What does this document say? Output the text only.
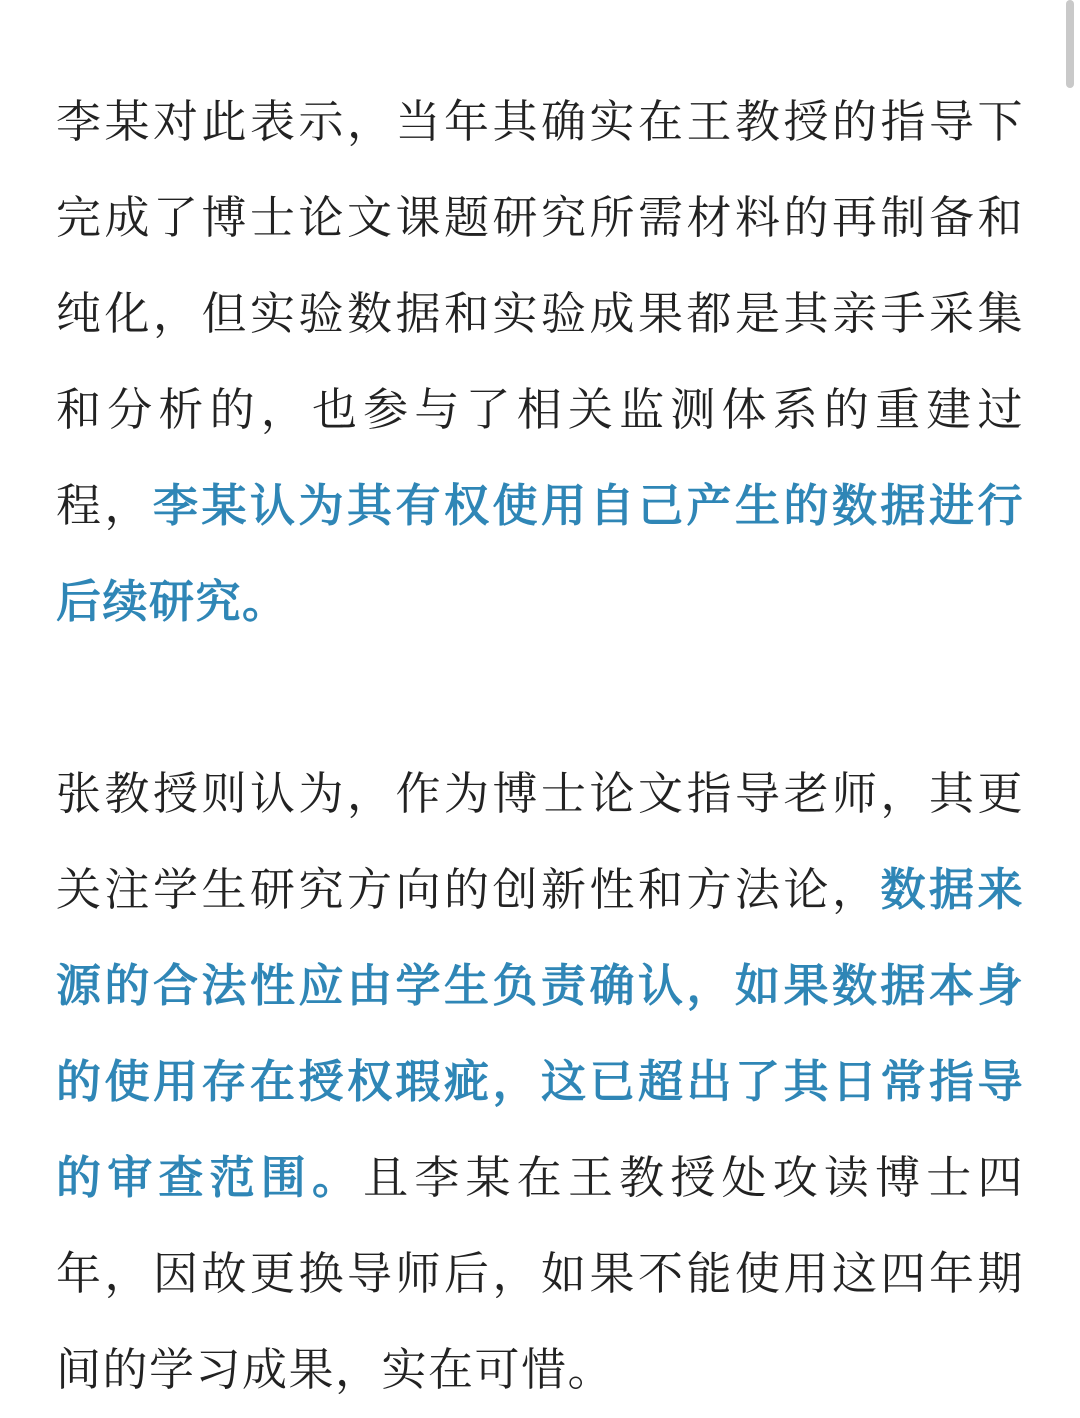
李某对此表示，当年其确实在王教授的指导下完成了博士论文课题研究所需材料的再制备和纯化，但实验数据和实验成果都是其亲手采集和分析的，也参与了相关监测体系的重建过程，李某认为其有权使用自己产生的数据进行后续研究。

张教授则认为，作为博士论文指导老师，其更关注学生研究方向的创新性和方法论，数据来源的合法性应由学生负责确认，如果数据本身的使用存在授权瑕疵，这已超出了其日常指导的审查范围。且李某在王教授处攻读博士四年，因故更换导师后，如果不能使用这四年期间的学习成果，实在可惜。
